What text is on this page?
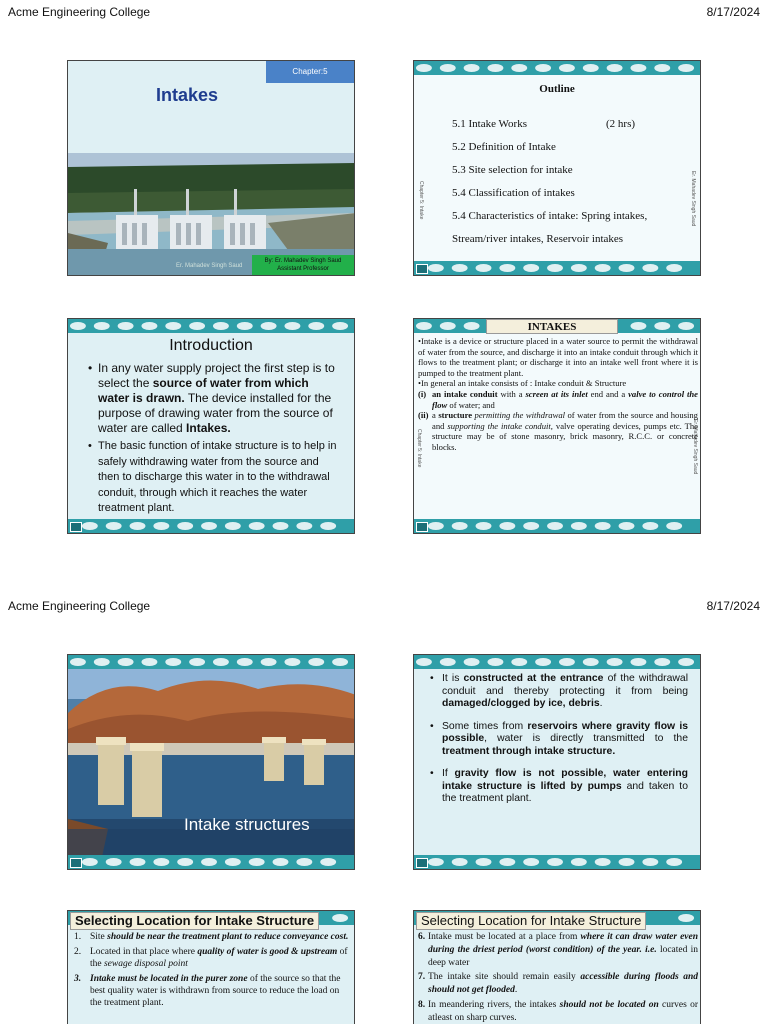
Acme Engineering College	8/17/2024
Chapter:5
Intakes
Er. Mahadev Singh Saud
By: Er. Mahadev Singh Saud
Assistant Professor
Outline
Chapter 5: Intake	Er. Mahadev Singh Saud
5.1 Intake Works	(2 hrs)
5.2 Definition of Intake
5.3 Site selection for intake
5.4 Classification of intakes
5.4 Characteristics of intake: Spring intakes,
Stream/river intakes, Reservoir intakes
Introduction
• In any water supply project the first step is to select the source of water from which water is drawn. The device installed for the purpose of drawing water from the source of water are called Intakes.
• The basic function of intake structure is to help in safely withdrawing water from the source and then to discharge this water in to the withdrawal conduit, through which it reaches the water treatment plant.
INTAKES
Chapter 5: Intake	Er. Mahadev Singh Saud

•Intake is a device or structure placed in a water source to permit the withdrawal of water from the source, and discharge it into an intake conduit through which it flows to the treatment plant; or discharge it into an intake well front where it is pumped to the treatment plant.

•In general an intake consists of : Intake conduit & Structure

(i) an intake conduit with a screen at its inlet end and a valve to control the flow of water; and
(ii) a structure permitting the withdrawal of water from the source and housing and supporting the intake conduit, valve operating devices, pumps etc. The structure may be of stone masonry, brick masonry, R.C.C. or concrete blocks.
Acme Engineering College	8/17/2024
Intake structures
• It is constructed at the entrance of the withdrawal conduit and thereby protecting it from being damaged/clogged by ice, debris.
• Some times from reservoirs where gravity flow is possible, water is directly transmitted to the treatment through intake structure.
• If gravity flow is not possible, water entering intake structure is lifted by pumps and taken to the treatment plant.
Selecting Location for Intake Structure
1. Site should be near the treatment plant to reduce conveyance cost.
2. Located in that place where quality of water is good & upstream of the sewage disposal point
3. Intake must be located in the purer zone of the source so that the best quality water is withdrawn from source to reduce the load on the treatment plant.
Selecting Location for Intake Structure
6. Intake must be located at a place from where it can draw water even during the driest period (worst condition) of the year. i.e. located in deep water
7. The intake site should remain easily accessible during floods and should not get flooded.
8. In meandering rivers, the intakes should not be located on curves or atleast on sharp curves.
